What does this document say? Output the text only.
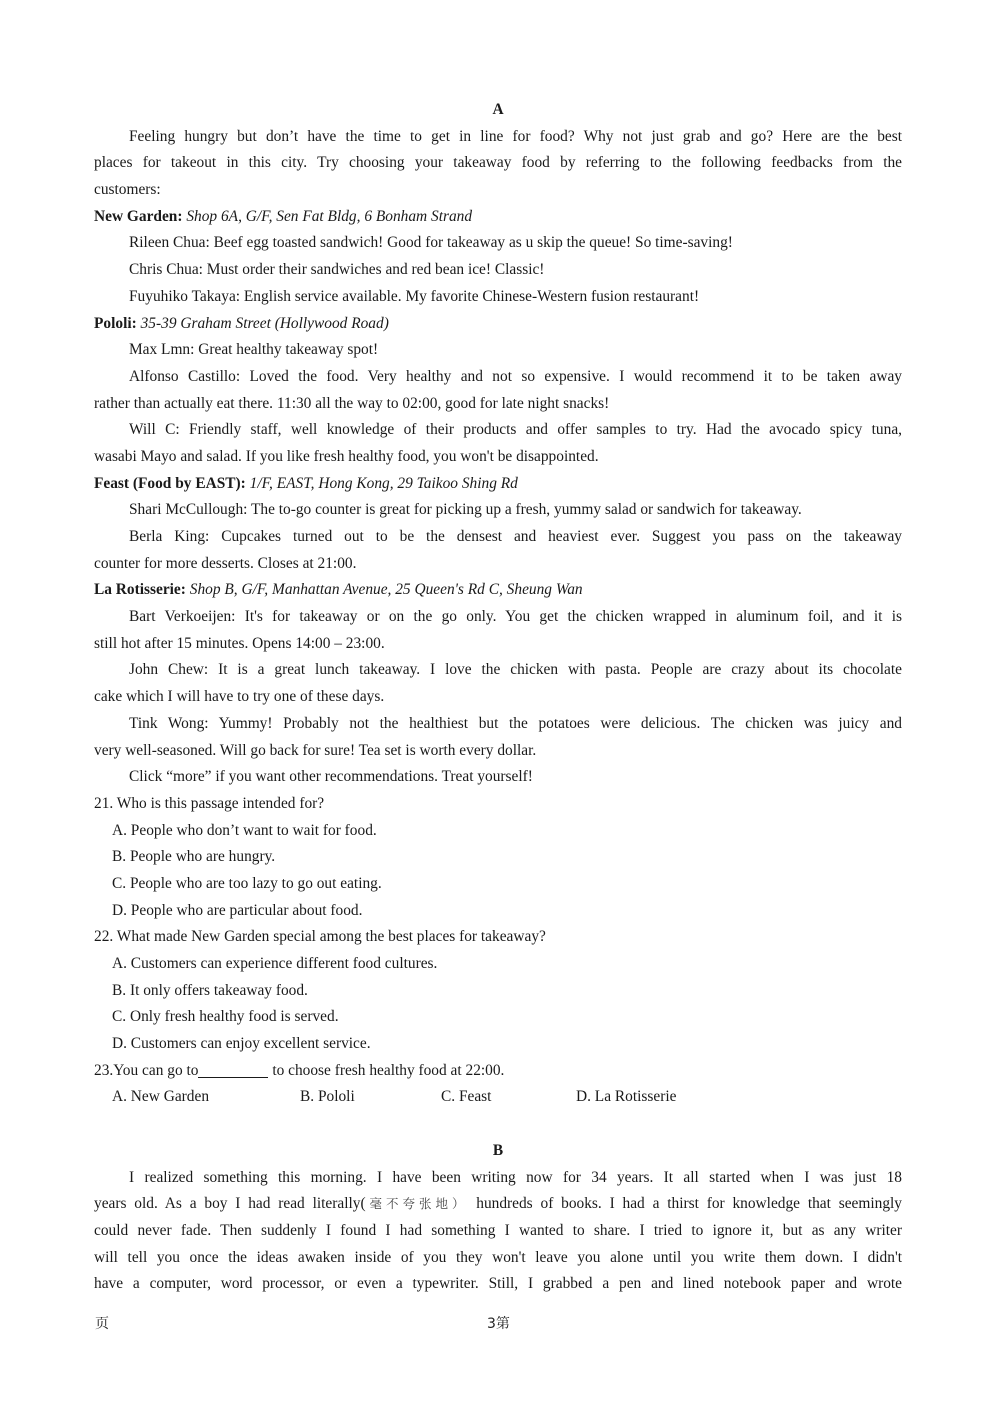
A
Feeling hungry but don’t have the time to get in line for food? Why not just grab and go? Here are the best
places for takeout in this city. Try choosing your takeaway food by referring to the following feedbacks from the
customers:
New Garden: Shop 6A, G/F, Sen Fat Bldg, 6 Bonham Strand
Rileen Chua: Beef egg toasted sandwich! Good for takeaway as u skip the queue! So time-saving!
Chris Chua: Must order their sandwiches and red bean ice! Classic!
Fuyuhiko Takaya: English service available. My favorite Chinese-Western fusion restaurant!
Pololi: 35-39 Graham Street (Hollywood Road)
Max Lmn: Great healthy takeaway spot!
Alfonso Castillo: Loved the food. Very healthy and not so expensive. I would recommend it to be taken away
rather than actually eat there. 11:30 all the way to 02:00, good for late night snacks!
Will C: Friendly staff, well knowledge of their products and offer samples to try. Had the avocado spicy tuna,
wasabi Mayo and salad. If you like fresh healthy food, you won't be disappointed.
Feast (Food by EAST): 1/F, EAST, Hong Kong, 29 Taikoo Shing Rd
Shari McCullough: The to-go counter is great for picking up a fresh, yummy salad or sandwich for takeaway.
Berla King: Cupcakes turned out to be the densest and heaviest ever. Suggest you pass on the takeaway
counter for more desserts. Closes at 21:00.
La Rotisserie: Shop B, G/F, Manhattan Avenue, 25 Queen's Rd C, Sheung Wan
Bart Verkoeijen: It's for takeaway or on the go only. You get the chicken wrapped in aluminum foil, and it is
still hot after 15 minutes. Opens 14:00 – 23:00.
John Chew: It is a great lunch takeaway. I love the chicken with pasta. People are crazy about its chocolate
cake which I will have to try one of these days.
Tink Wong: Yummy! Probably not the healthiest but the potatoes were delicious. The chicken was juicy and
very well-seasoned. Will go back for sure! Tea set is worth every dollar.
Click “more” if you want other recommendations. Treat yourself!
21. Who is this passage intended for?
A. People who don’t want to wait for food.
B. People who are hungry.
C. People who are too lazy to go out eating.
D. People who are particular about food.
22. What made New Garden special among the best places for takeaway?
A. Customers can experience different food cultures.
B. It only offers takeaway food.
C. Only fresh healthy food is served.
D. Customers can enjoy excellent service.
23.You can go to	to choose fresh healthy food at 22:00.
A. New Garden	B. Pololi	C. Feast	D. La Rotisserie
B
I realized something this morning. I have been writing now for 34 years. It all started when I was just 18
years old. As a boy I had read literally(毫不夸张地） hundreds of books. I had a thirst for knowledge that seemingly
could never fade. Then suddenly I found I had something I wanted to share. I tried to ignore it, but as any writer
will tell you once the ideas awaken inside of you they won't leave you alone until you write them down. I didn't
have a computer, word processor, or even a typewriter. Still, I grabbed a pen and lined notebook paper and wrote
页	3第
